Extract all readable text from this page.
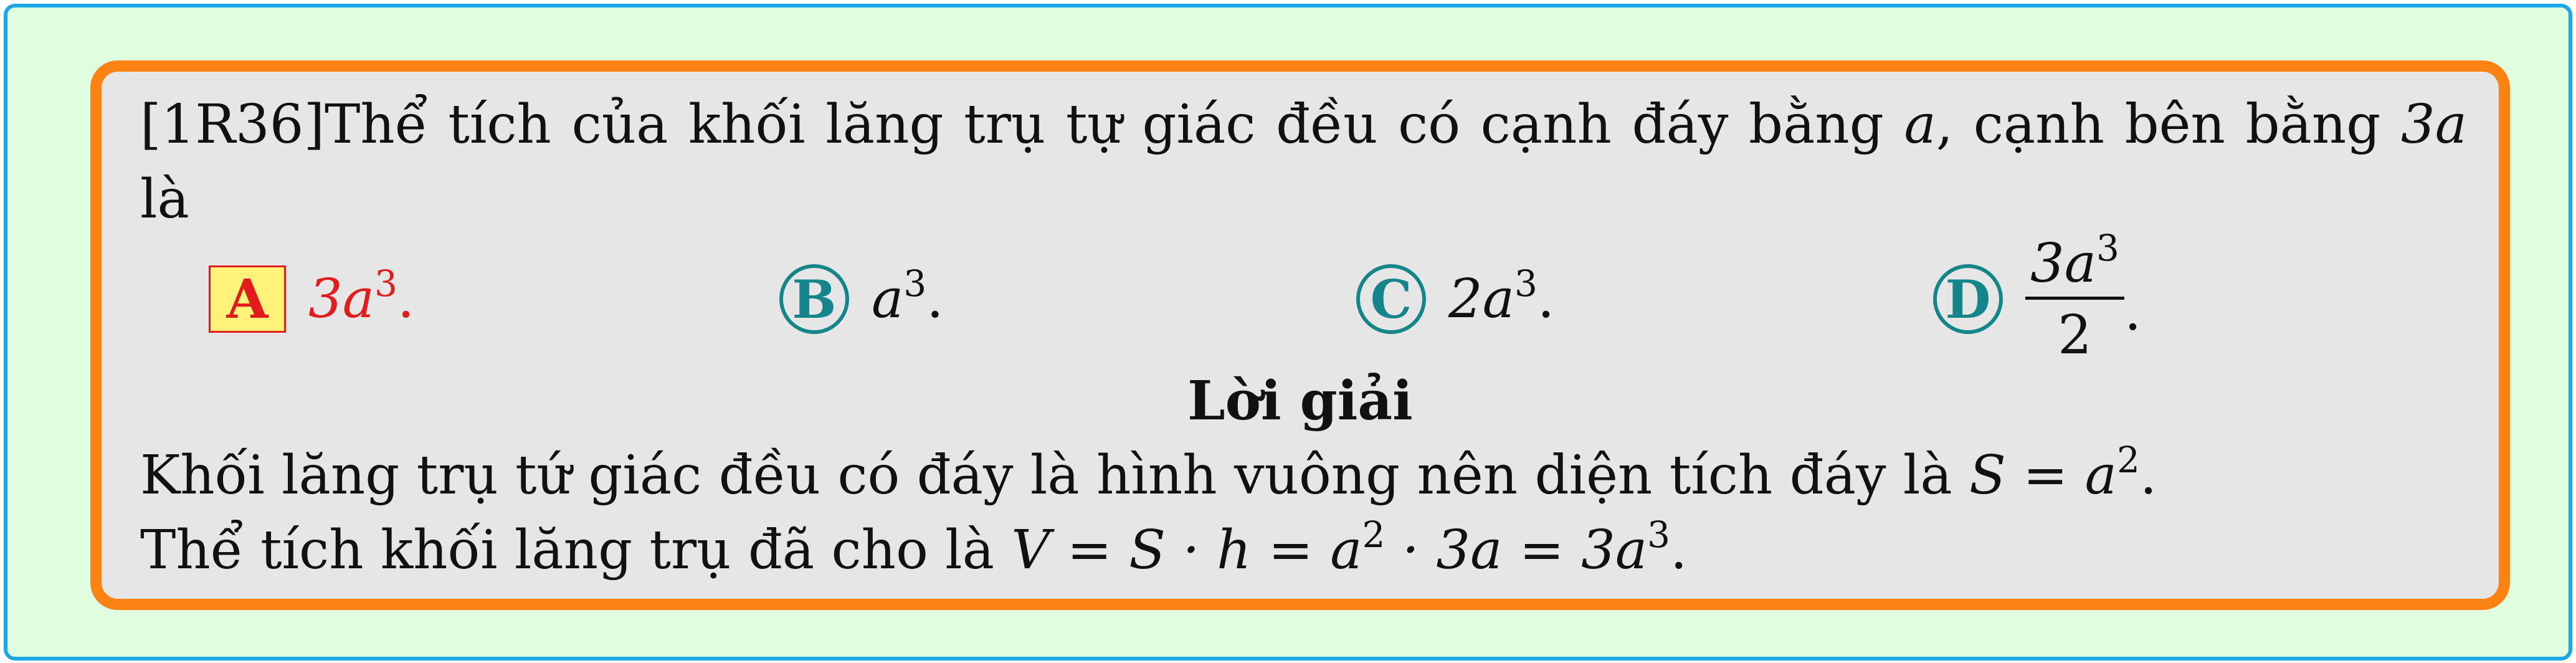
[1R36]Thể tích của khối lăng trụ tự giác đều có cạnh đáy bằng a, cạnh bên bằng 3a
là
A $3a^3$.	B $a^3$.	C $2a^3$.	D $\frac{3a^3}{2}$ .
Lời giải
Khối lăng trụ tứ giác đều có đáy là hình vuông nên diện tích đáy là $S = a^2$.
Thể tích khối lăng trụ đã cho là $V = S \cdot h = a^2 \cdot 3a = 3a^3$.
